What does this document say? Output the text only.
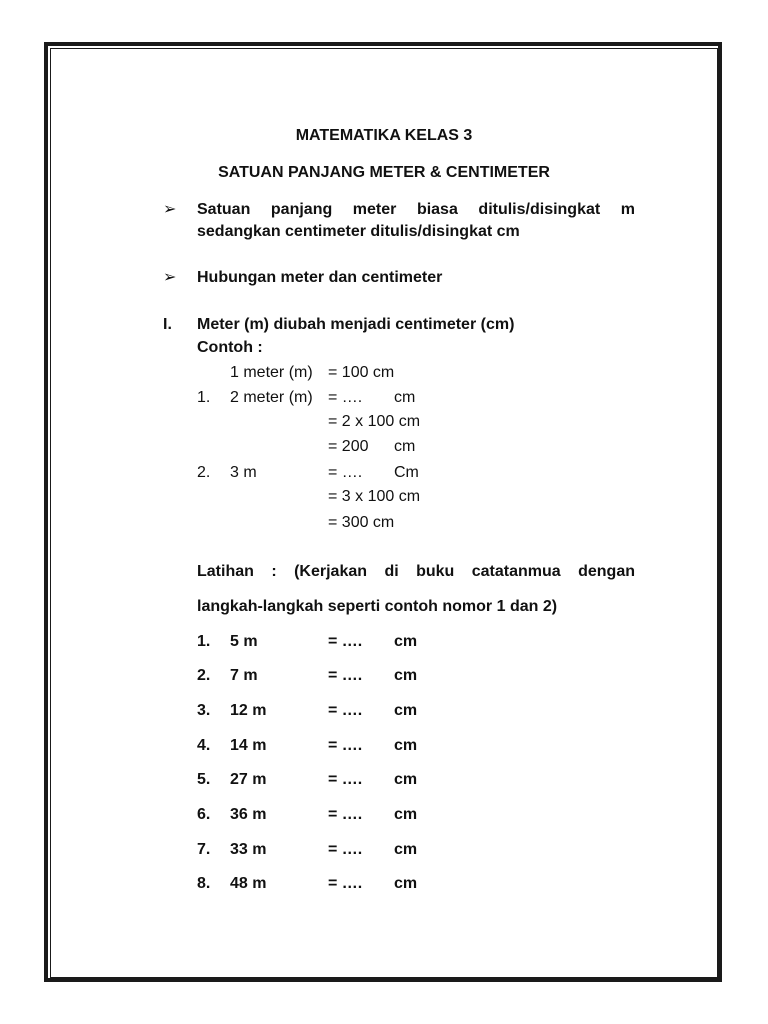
MATEMATIKA KELAS 3
SATUAN PANJANG METER & CENTIMETER
➢ Satuan panjang meter biasa ditulis/disingkat m
sedangkan centimeter ditulis/disingkat cm
➢ Hubungan meter dan centimeter
I. Meter (m) diubah menjadi centimeter (cm)
Contoh :
1 meter (m) = 100 cm
1. 2 meter (m) = …. cm
= 2 x 100 cm
= 200 cm
2. 3 m	= …. Cm
= 3 x 100 cm
= 300 cm
Latihan : (Kerjakan di buku catatanmua dengan
langkah-langkah seperti contoh nomor 1 dan 2)
1. 5 m	= …. cm
2. 7 m	= …. cm
3. 12 m	= …. cm
4. 14 m	= …. cm
5. 27 m	= …. cm
6. 36 m	= …. cm
7. 33 m	= …. cm
8. 48 m	= …. cm
